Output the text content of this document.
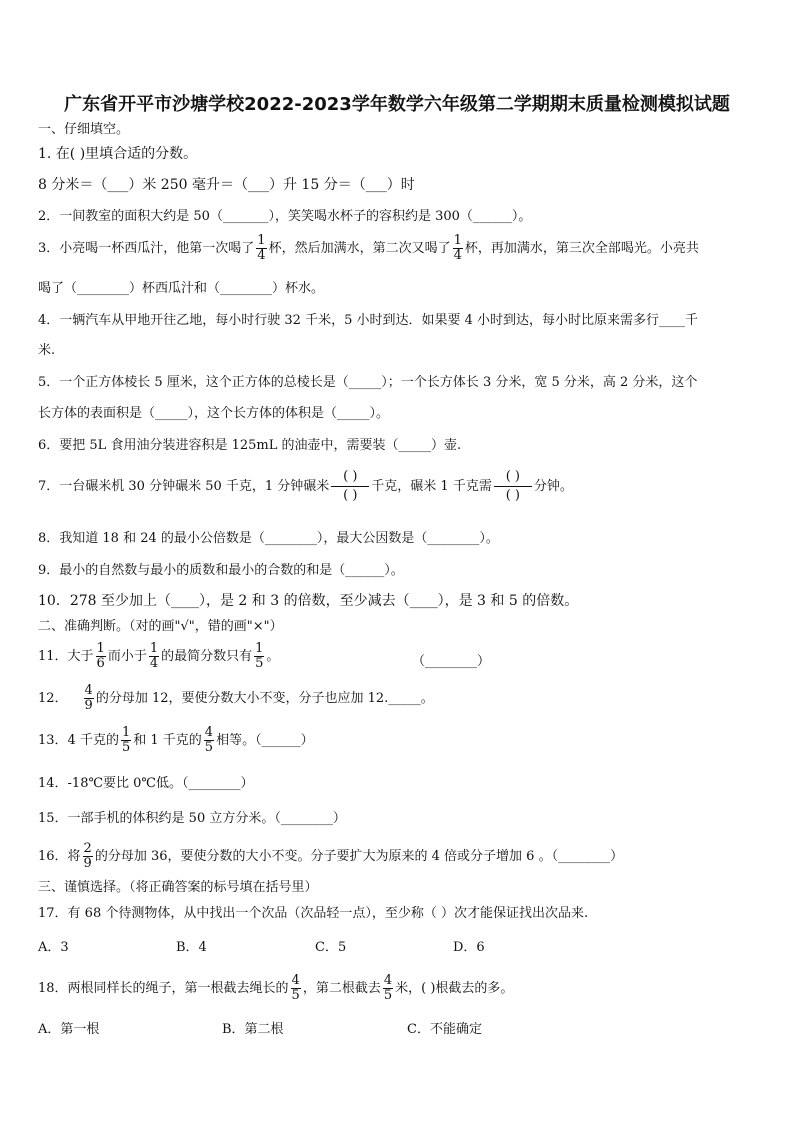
广东省开平市沙塘学校2022-2023学年数学六年级第二学期期末质量检测模拟试题
一、仔细填空。
1. 在( )里填合适的分数。
8 分米＝（___）米 250 毫升＝（___）升 15 分＝（___）时
2．一间教室的面积大约是 50（_______），笑笑喝水杯子的容积约是 300（______）。
3．小亮喝一杯西瓜汁，他第一次喝了 $\frac{1}{4}$ 杯，然后加满水，第二次又喝了 $\frac{1}{4}$ 杯，再加满水，第三次全部喝光。小亮共
喝了（________）杯西瓜汁和（________）杯水。
4．一辆汽车从甲地开往乙地，每小时行驶 32 千米，5 小时到达．如果要 4 小时到达，每小时比原来需多行____千
米.
5．一个正方体棱长 5 厘米，这个正方体的总棱长是（_____）；一个长方体长 3 分米，宽 5 分米，高 2 分米，这个
长方体的表面积是（_____），这个长方体的体积是（_____）。
6．要把 5L 食用油分装进容积是 125mL 的油壶中，需要装（_____）壶.
7．一台碾米机 30 分钟碾米 50 千克，1 分钟碾米 $\frac{( )}{( )}$ 千克，碾米 1 千克需 $\frac{( )}{( )}$ 分钟。
8．我知道 18 和 24 的最小公倍数是（________），最大公因数是（________）。
9．最小的自然数与最小的质数和最小的合数的和是（______）。
10．278 至少加上（____），是 2 和 3 的倍数，至少减去（____），是 3 和 5 的倍数。
二、准确判断。（对的画"√"，错的画"×"）
11．大于 $\frac{1}{6}$ 而小于 $\frac{1}{4}$ 的最简分数只有 $\frac{1}{5}$ 。	（________）
12． $\frac{4}{9}$ 的分母加 12，要使分数大小不变，分子也应加 12._____。
13．4 千克的 $\frac{1}{5}$ 和 1 千克的 $\frac{4}{5}$ 相等。（______）
14．-18℃要比 0℃低。（________）
15．一部手机的体积约是 50 立方分米。（________）
16．将 $\frac{2}{9}$ 的分母加 36，要使分数的大小不变。分子要扩大为原来的 4 倍或分子增加 6 。（________）
三、谨慎选择。（将正确答案的标号填在括号里）
17．有 68 个待测物体，从中找出一个次品（次品轻一点），至少称（ ）次才能保证找出次品来.
A．3	B．4	C．5	D．6
18．两根同样长的绳子，第一根截去绳长的 $\frac{4}{5}$ ，第二根截去 $\frac{4}{5}$ 米，( )根截去的多。
A．第一根	B．第二根	C．不能确定
